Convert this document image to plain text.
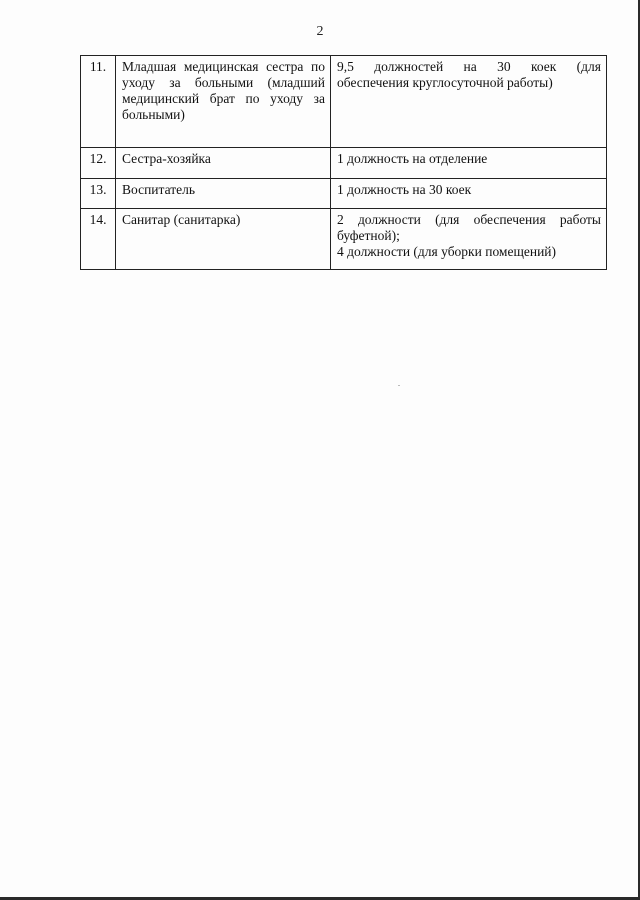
2
11.	Младшая медицинская сестра по
уходу за больными (младший
медицинский брат по уходу за
больными)	9,5 должностей на 30 коек (для
обеспечения круглосуточной работы)

12.	Сестра-хозяйка	1 должность на отделение

13.	Воспитатель	1 должность на 30 коек

14.	Санитар (санитарка)	2 должности (для обеспечения работы
буфетной);
4 должности (для уборки помещений)
